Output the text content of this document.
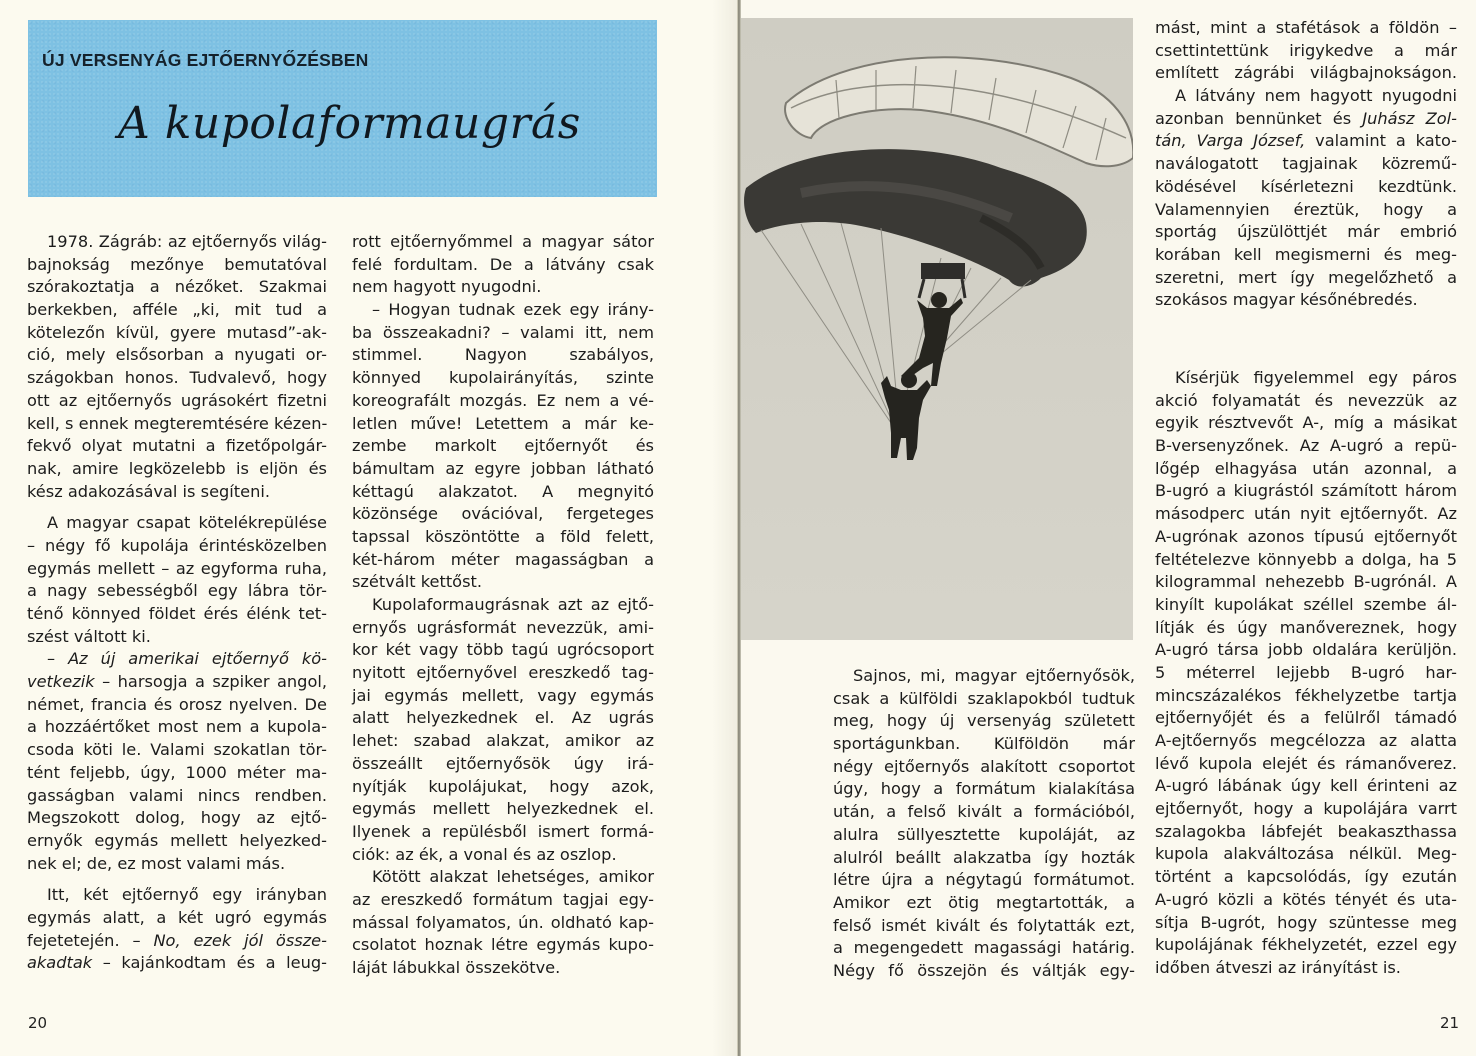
ÚJ VERSENYÁG EJTŐERNYŐZÉSBEN
A kupolaformaugrás
1978. Zágráb: az ejtőernyős világ-
bajnokság mezőnye bemutatóval
szórakoztatja a nézőket. Szakmai
berkekben, afféle „ki, mit tud a
kötelezőn kívül, gyere mutasd”-ak-
ció, mely elsősorban a nyugati or-
szágokban honos. Tudvalevő, hogy
ott az ejtőernyős ugrásokért fizetni
kell, s ennek megteremtésére kézen-
fekvő olyat mutatni a fizetőpolgár-
nak, amire legközelebb is eljön és
kész adakozásával is segíteni.
A magyar csapat kötelékrepülése
– négy fő kupolája érintésközelben
egymás mellett – az egyforma ruha,
a nagy sebességből egy lábra tör-
ténő könnyed földet érés élénk tet-
szést váltott ki.
– Az új amerikai ejtőernyő kö-
vetkezik – harsogja a szpiker angol,
német, francia és orosz nyelven. De
a hozzáértőket most nem a kupola-
csoda köti le. Valami szokatlan tör-
tént feljebb, úgy, 1000 méter ma-
gasságban valami nincs rendben.
Megszokott dolog, hogy az ejtő-
ernyők egymás mellett helyezked-
nek el; de, ez most valami más.
Itt, két ejtőernyő egy irányban
egymás alatt, a két ugró egymás
fejetetején. – No, ezek jól össze-
akadtak – kajánkodtam és a leug-
rott ejtőernyőmmel a magyar sátor
felé fordultam. De a látvány csak
nem hagyott nyugodni.
– Hogyan tudnak ezek egy irány-
ba összeakadni? – valami itt, nem
stimmel. Nagyon szabályos,
könnyed kupolairányítás, szinte
koreografált mozgás. Ez nem a vé-
letlen műve! Letettem a már ke-
zembe markolt ejtőernyőt és
bámultam az egyre jobban látható
kéttagú alakzatot. A megnyitó
közönsége ovációval, fergeteges
tapssal köszöntötte a föld felett,
két-három méter magasságban a
szétvált kettőst.
Kupolaformaugrásnak azt az ejtő-
ernyős ugrásformát nevezzük, ami-
kor két vagy több tagú ugrócsoport
nyitott ejtőernyővel ereszkedő tag-
jai egymás mellett, vagy egymás
alatt helyezkednek el. Az ugrás
lehet: szabad alakzat, amikor az
összeállt ejtőernyősök úgy irá-
nyítják kupolájukat, hogy azok,
egymás mellett helyezkednek el.
Ilyenek a repülésből ismert formá-
ciók: az ék, a vonal és az oszlop.
Kötött alakzat lehetséges, amikor
az ereszkedő formátum tagjai egy-
mással folyamatos, ún. oldható kap-
csolatot hoznak létre egymás kupo-
láját lábukkal összekötve.
20
Sajnos, mi, magyar ejtőernyősök,
csak a külföldi szaklapokból tudtuk
meg, hogy új versenyág született
sportágunkban. Külföldön már
négy ejtőernyős alakított csoportot
úgy, hogy a formátum kialakítása
után, a felső kivált a formációból,
alulra süllyesztette kupoláját, az
alulról beállt alakzatba így hozták
létre újra a négytagú formátumot.
Amikor ezt ötig megtartották, a
felső ismét kivált és folytatták ezt,
a megengedett magassági határig.
Négy fő összejön és váltják egy-
mást, mint a stafétások a földön –
csettintettünk irigykedve a már
említett zágrábi világbajnokságon.
A látvány nem hagyott nyugodni
azonban bennünket és Juhász Zol-
tán, Varga József, valamint a kato-
naválogatott tagjainak közremű-
ködésével kísérletezni kezdtünk.
Valamennyien éreztük, hogy a
sportág újszülöttjét már embrió
korában kell megismerni és meg-
szeretni, mert így megelőzhető a
szokásos magyar későnébredés.
Kísérjük figyelemmel egy páros
akció folyamatát és nevezzük az
egyik résztvevőt A-, míg a másikat
B-versenyzőnek. Az A-ugró a repü-
lőgép elhagyása után azonnal, a
B-ugró a kiugrástól számított három
másodperc után nyit ejtőernyőt. Az
A-ugrónak azonos típusú ejtőernyőt
feltételezve könnyebb a dolga, ha 5
kilogrammal nehezebb B-ugrónál. A
kinyílt kupolákat széllel szembe ál-
lítják és úgy manővereznek, hogy
A-ugró társa jobb oldalára kerüljön.
5 méterrel lejjebb B-ugró har-
mincszázalékos fékhelyzetbe tartja
ejtőernyőjét és a felülről támadó
A-ejtőernyős megcélozza az alatta
lévő kupola elejét és rámanőverez.
A-ugró lábának úgy kell érinteni az
ejtőernyőt, hogy a kupolájára varrt
szalagokba lábfejét beakaszthassa
kupola alakváltozása nélkül. Meg-
történt a kapcsolódás, így ezután
A-ugró közli a kötés tényét és uta-
sítja B-ugrót, hogy szüntesse meg
kupolájának fékhelyzetét, ezzel egy
időben átveszi az irányítást is.
21
